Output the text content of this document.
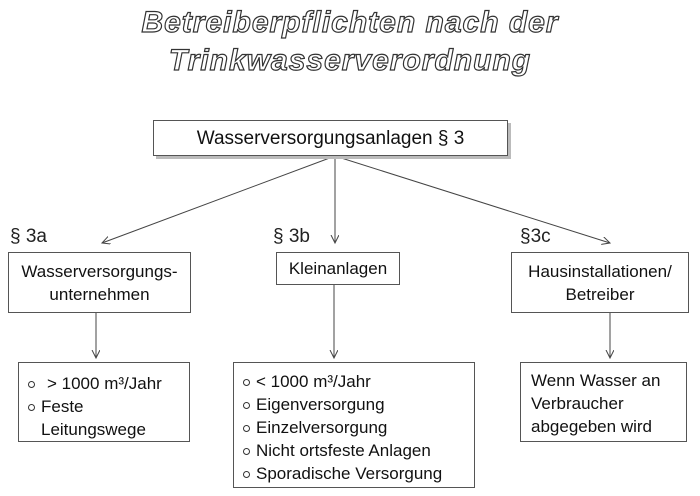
Betreiberpflichten nach der
Trinkwasserverordnung
Wasserversorgungsanlagen § 3
§ 3a	§ 3b	§3c
Wasserversorgungs-
unternehmen
Kleinanlagen	Hausinstallationen/
Betreiber
> 1000 m³/Jahr
Feste Leitungswege
< 1000 m³/Jahr
Eigenversorgung
Einzelversorgung
Nicht ortsfeste Anlagen
Sporadische Versorgung
Wenn Wasser an
Verbraucher
abgegeben wird
